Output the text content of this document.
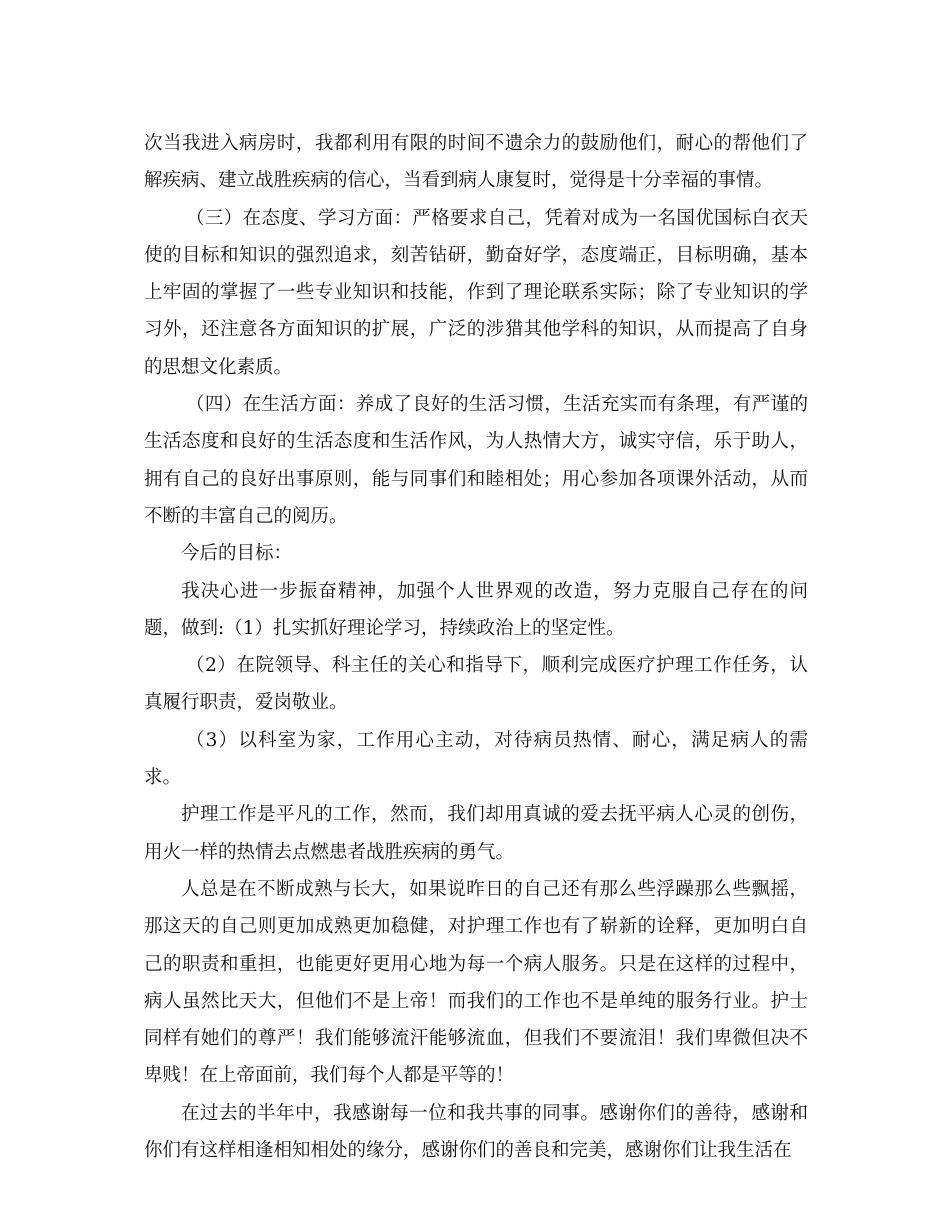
次当我进入病房时，我都利用有限的时间不遗余力的鼓励他们，耐心的帮他们了解疾病、建立战胜疾病的信心，当看到病人康复时，觉得是十分幸福的事情。

（三）在态度、学习方面：严格要求自己，凭着对成为一名国优国标白衣天使的目标和知识的强烈追求，刻苦钻研，勤奋好学，态度端正，目标明确，基本上牢固的掌握了一些专业知识和技能，作到了理论联系实际；除了专业知识的学习外，还注意各方面知识的扩展，广泛的涉猎其他学科的知识，从而提高了自身的思想文化素质。

（四）在生活方面：养成了良好的生活习惯，生活充实而有条理，有严谨的生活态度和良好的生活态度和生活作风，为人热情大方，诚实守信，乐于助人，拥有自己的良好出事原则，能与同事们和睦相处；用心参加各项课外活动，从而不断的丰富自己的阅历。

今后的目标：

我决心进一步振奋精神，加强个人世界观的改造，努力克服自己存在的问题，做到:（1）扎实抓好理论学习，持续政治上的坚定性。

（2）在院领导、科主任的关心和指导下，顺利完成医疗护理工作任务，认真履行职责，爱岗敬业。

（3）以科室为家，工作用心主动，对待病员热情、耐心，满足病人的需求。

护理工作是平凡的工作，然而，我们却用真诚的爱去抚平病人心灵的创伤，用火一样的热情去点燃患者战胜疾病的勇气。

人总是在不断成熟与长大，如果说昨日的自己还有那么些浮躁那么些飘摇，那这天的自己则更加成熟更加稳健，对护理工作也有了崭新的诠释，更加明白自己的职责和重担，也能更好更用心地为每一个病人服务。只是在这样的过程中，病人虽然比天大，但他们不是上帝！而我们的工作也不是单纯的服务行业。护士同样有她们的尊严！我们能够流汗能够流血，但我们不要流泪！我们卑微但决不卑贱！在上帝面前，我们每个人都是平等的！

在过去的半年中，我感谢每一位和我共事的同事。感谢你们的善待，感谢和你们有这样相逢相知相处的缘分，感谢你们的善良和完美，感谢你们让我生活在
